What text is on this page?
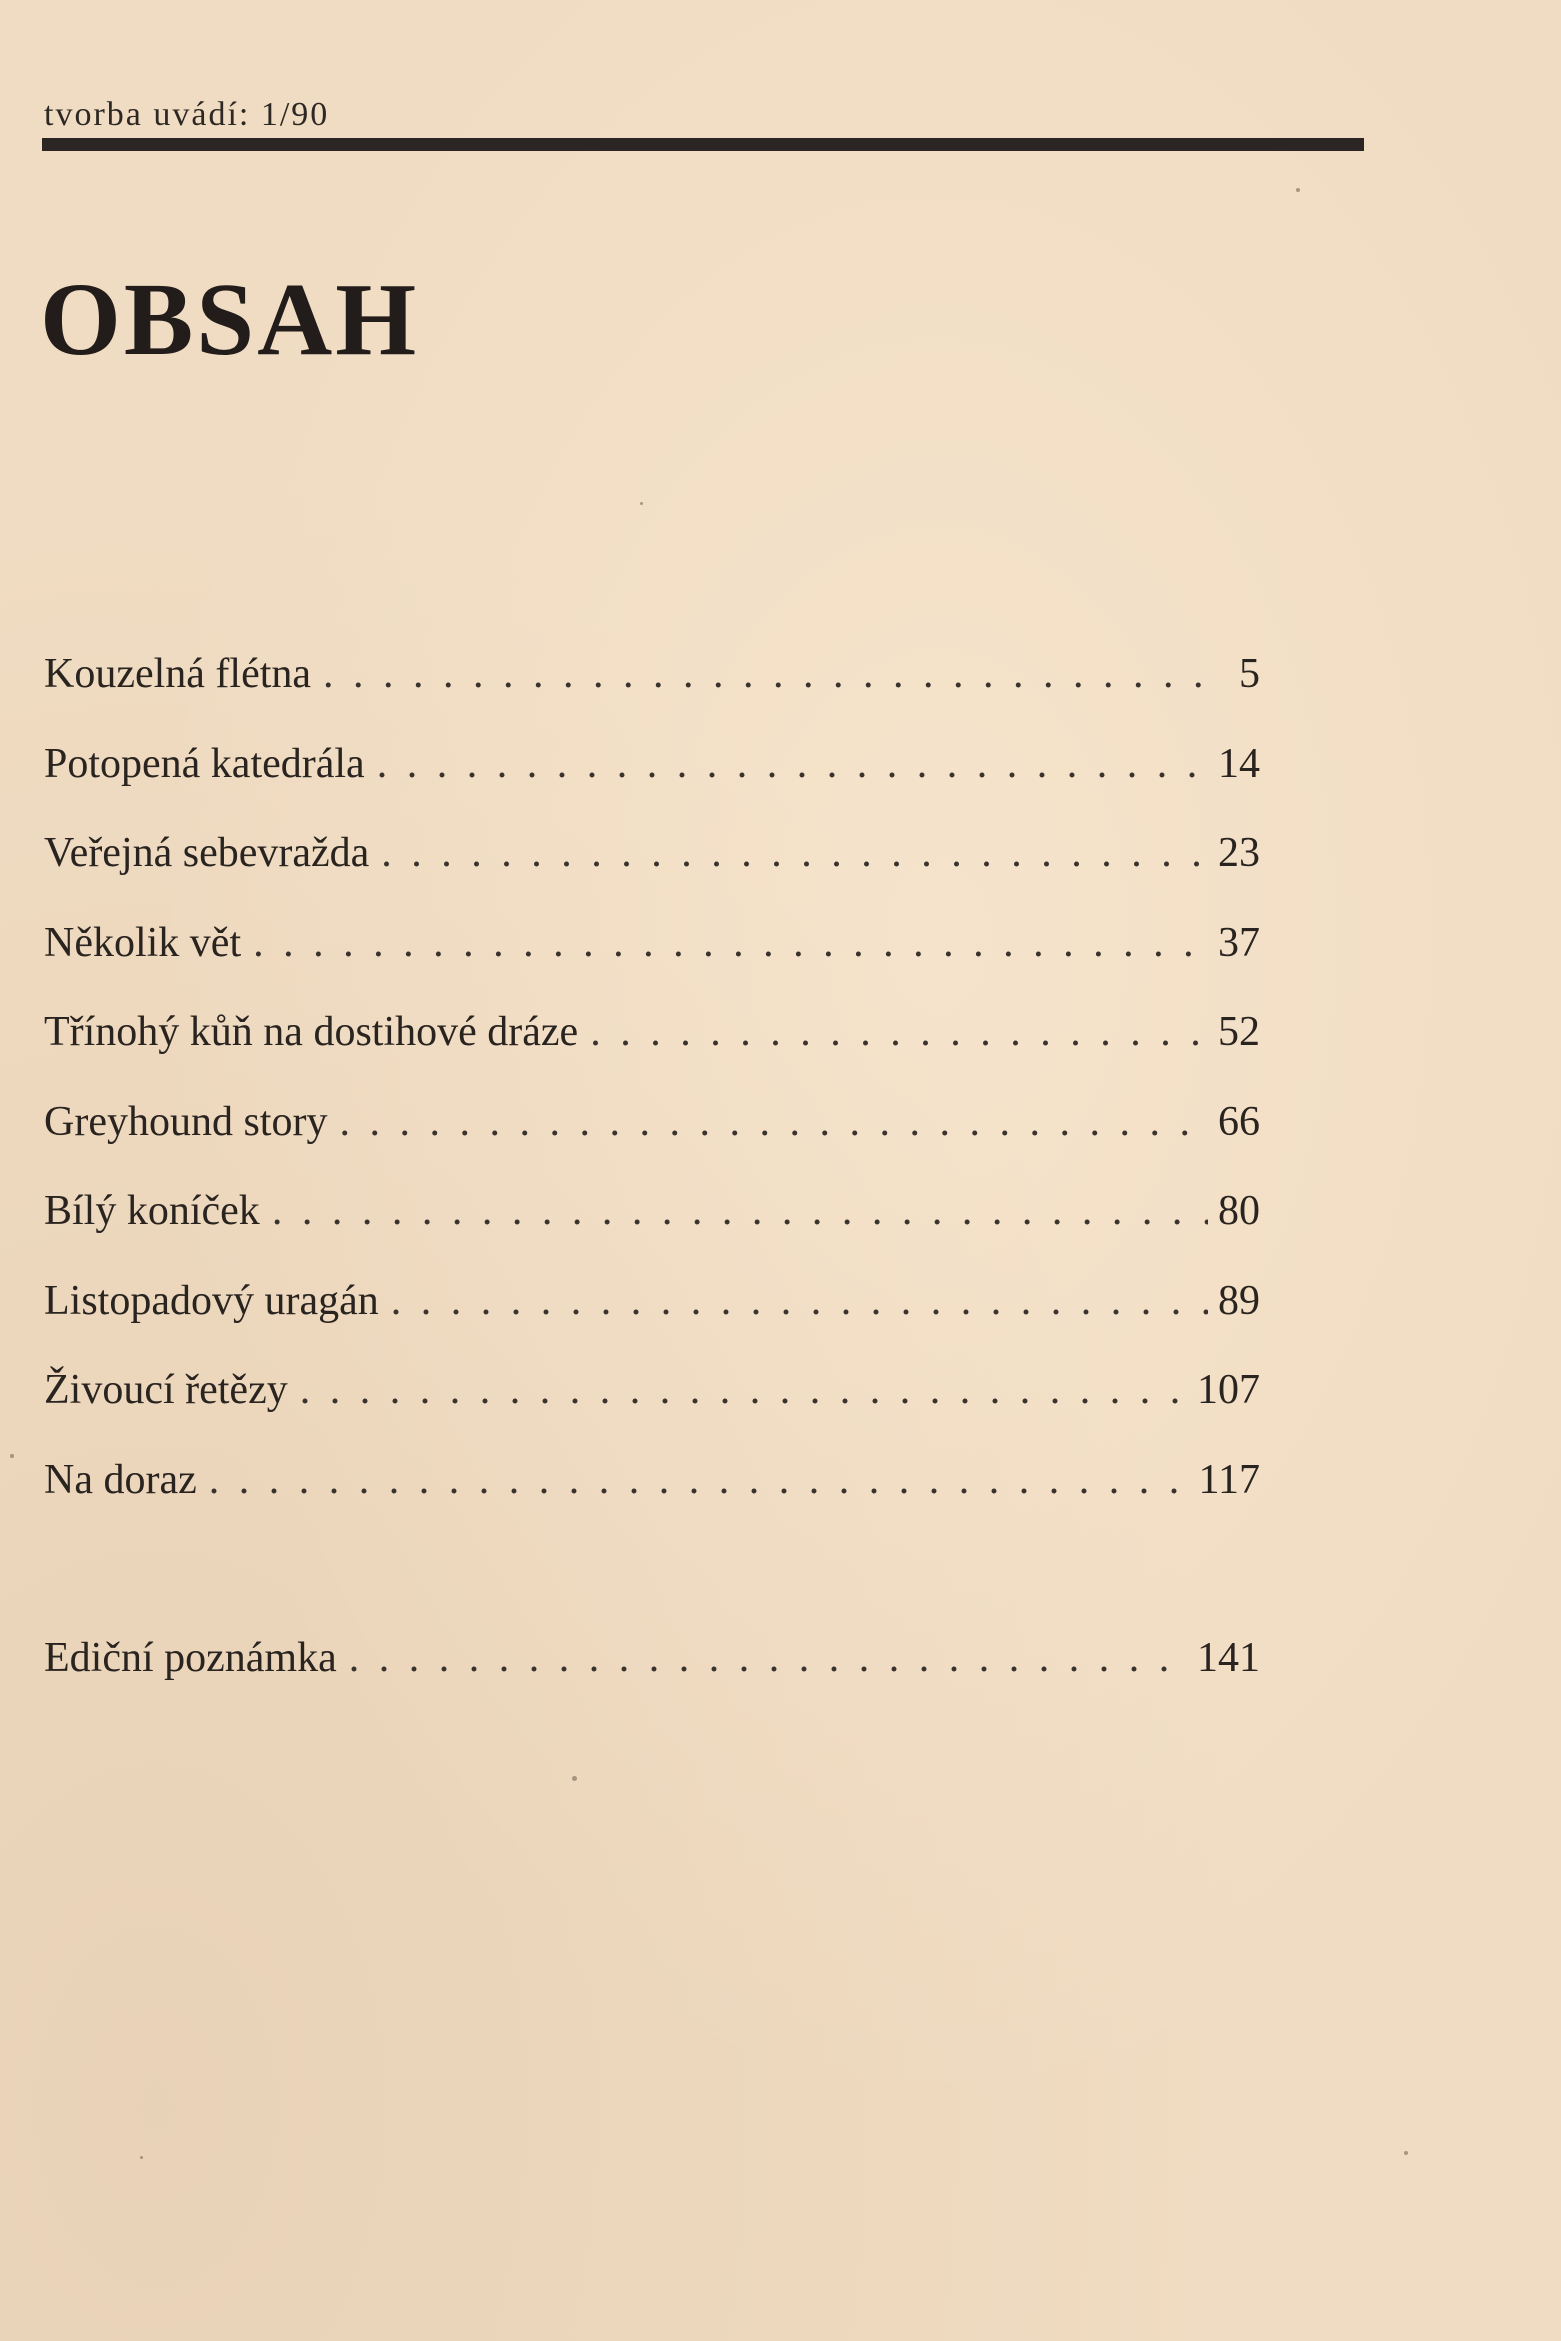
tvorba uvádí: 1/90
OBSAH
Kouzelná flétna . . .	5
Potopená katedrála . . .	14
Veřejná sebevražda . . .	23
Několik vět . . .	37
Třínohý kůň na dostihové dráze . . .	52
Greyhound story . . .	66
Bílý koníček . . .	80
Listopadový uragán . . .	89
Živoucí řetězy . . .	107
Na doraz . . .	117
Ediční poznámka . . .	141
